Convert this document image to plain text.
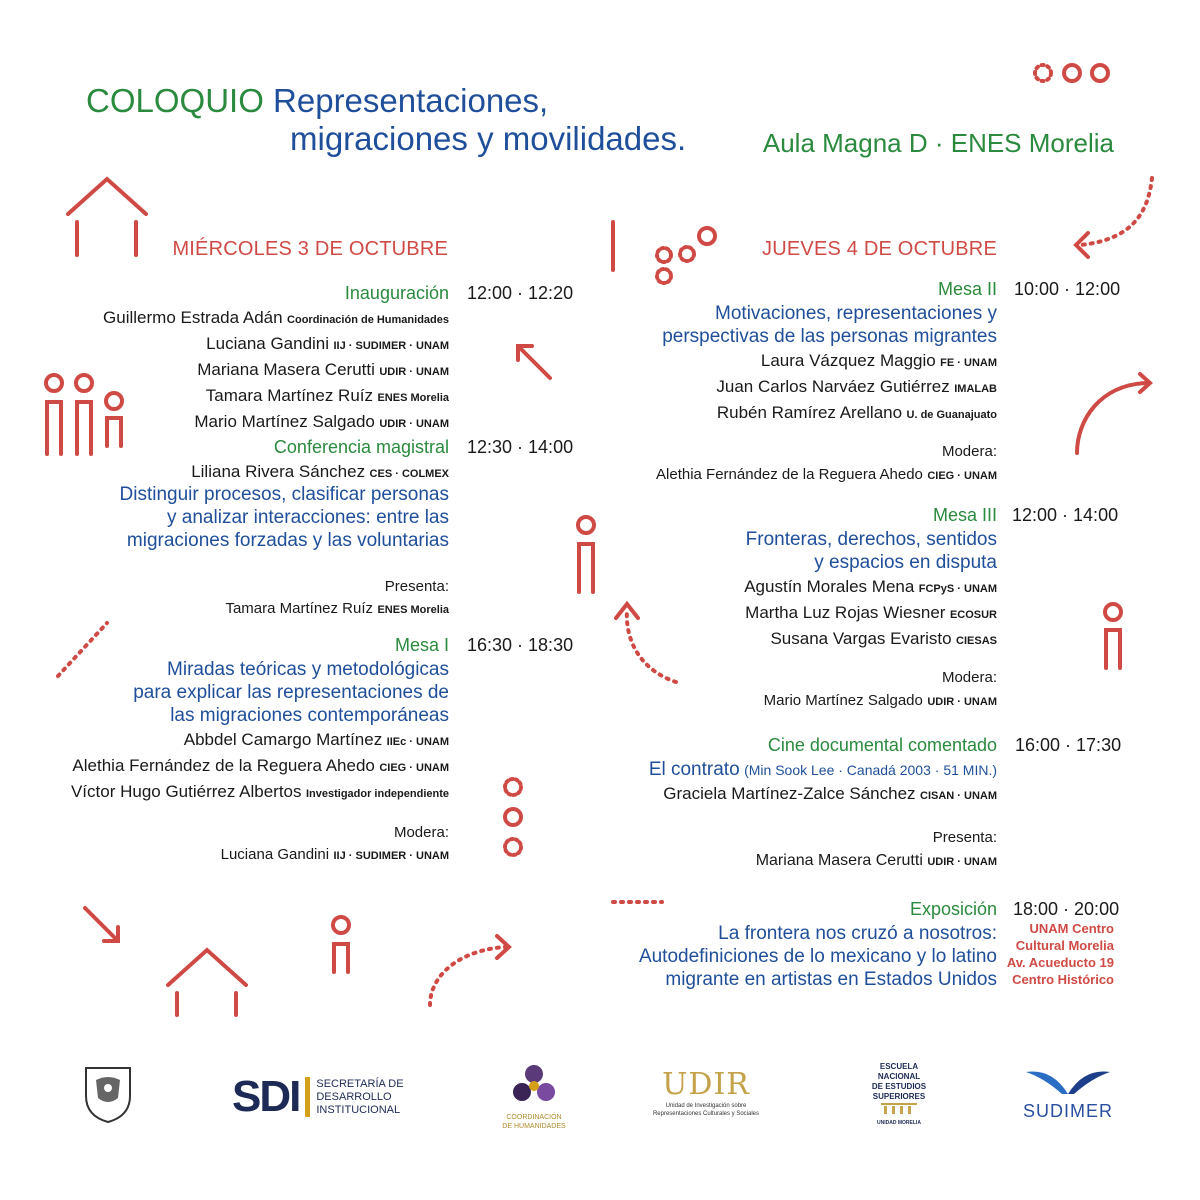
COLOQUIO Representaciones,
migraciones y movilidades.	Aula Magna D · ENES Morelia
MIÉRCOLES 3 DE OCTUBRE
Inauguración 12:00 · 12:20
Guillermo Estrada Adán Coordinación de Humanidades
Luciana Gandini IIJ · SUDIMER · UNAM
Mariana Masera Cerutti UDIR · UNAM
Tamara Martínez Ruíz ENES Morelia
Mario Martínez Salgado UDIR · UNAM
Conferencia magistral 12:30 · 14:00
Liliana Rivera Sánchez CES · COLMEX
Distinguir procesos, clasificar personas
y analizar interacciones: entre las
migraciones forzadas y las voluntarias
Presenta:
Tamara Martínez Ruíz ENES Morelia
Mesa I 16:30 · 18:30
Miradas teóricas y metodológicas
para explicar las representaciones de
las migraciones contemporáneas
Abbdel Camargo Martínez IIEc · UNAM
Alethia Fernández de la Reguera Ahedo CIEG · UNAM
Víctor Hugo Gutiérrez Albertos Investigador independiente
Modera:
Luciana Gandini IIJ · SUDIMER · UNAM
JUEVES 4 DE OCTUBRE
Mesa II 10:00 · 12:00
Motivaciones, representaciones y
perspectivas de las personas migrantes
Laura Vázquez Maggio FE · UNAM
Juan Carlos Narváez Gutiérrez IMALAB
Rubén Ramírez Arellano U. de Guanajuato
Modera:
Alethia Fernández de la Reguera Ahedo CIEG · UNAM
Mesa III 12:00 · 14:00
Fronteras, derechos, sentidos
y espacios en disputa
Agustín Morales Mena FCPyS · UNAM
Martha Luz Rojas Wiesner ECOSUR
Susana Vargas Evaristo CIESAS
Modera:
Mario Martínez Salgado UDIR · UNAM
Cine documental comentado 16:00 · 17:30
El contrato (Min Sook Lee · Canadá 2003 · 51 MIN.)
Graciela Martínez-Zalce Sánchez CISAN · UNAM
Presenta:
Mariana Masera Cerutti UDIR · UNAM
Exposición 18:00 · 20:00
La frontera nos cruzó a nosotros:
Autodefiniciones de lo mexicano y lo latino
migrante en artistas en Estados Unidos
UNAM Centro
Cultural Morelia
Av. Acueducto 19
Centro Histórico
SDI SECRETARÍA DE
DESARROLLO
INSTITUCIONAL
COORDINACIÓN
DE HUMANIDADES
UDIR
Unidad de Investigación sobre
Representaciones Culturales y Sociales
ESCUELA
NACIONAL
DE ESTUDIOS
SUPERIORES
UNIDAD MORELIA
SUDIMER
